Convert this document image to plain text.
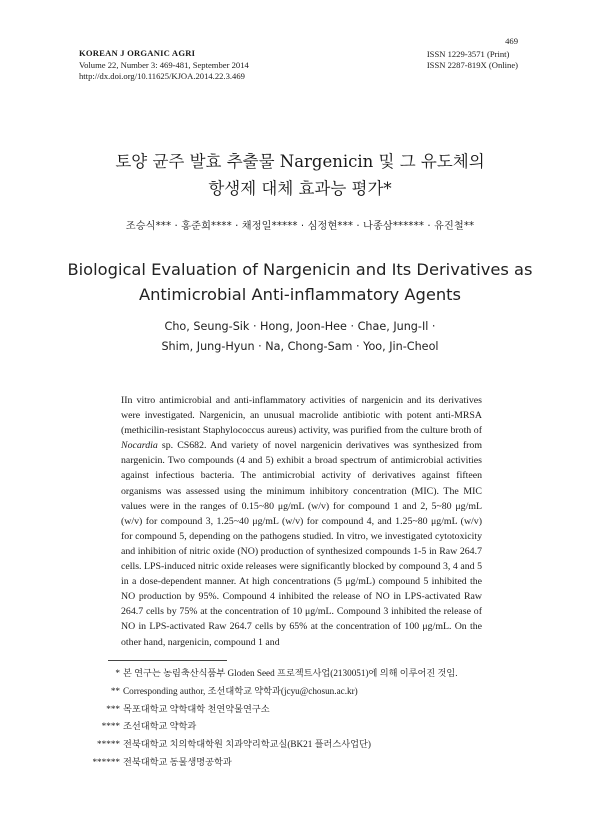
KOREAN J ORGANIC AGRI
Volume 22, Number 3: 469-481, September 2014
http://dx.doi.org/10.11625/KJOA.2014.22.3.469
469
ISSN 1229-3571 (Print)
ISSN 2287-819X (Online)
토양 균주 발효 추출물 Nargenicin 및 그 유도체의
항생제 대체 효과능 평가*
조승식*** · 홍준희**** · 채정일***** · 심정현*** · 나종삼****** · 유진철**
Biological Evaluation of Nargenicin and Its Derivatives as
Antimicrobial Anti-inflammatory Agents
Cho, Seung-Sik · Hong, Joon-Hee · Chae, Jung-Il ·
Shim, Jung-Hyun · Na, Chong-Sam · Yoo, Jin-Cheol
IIn vitro antimicrobial and anti-inflammatory activities of nargenicin and its derivatives were investigated. Nargenicin, an unusual macrolide antibiotic with potent anti-MRSA (methicilin-resistant Staphylococcus aureus) activity, was purified from the culture broth of Nocardia sp. CS682. And variety of novel nargenicin derivatives was synthesized from nargenicin. Two compounds (4 and 5) exhibit a broad spectrum of antimicrobial activities against infectious bacteria. The antimicrobial activity of derivatives against fifteen organisms was assessed using the minimum inhibitory concentration (MIC). The MIC values were in the ranges of 0.15~80 μg/mL (w/v) for compound 1 and 2, 5~80 μg/mL (w/v) for compound 3, 1.25~40 μg/mL (w/v) for compound 4, and 1.25~80 μg/mL (w/v) for compound 5, depending on the pathogens studied. In vitro, we investigated cytotoxicity and inhibition of nitric oxide (NO) production of synthesized compounds 1-5 in Raw 264.7 cells. LPS-induced nitric oxide releases were significantly blocked by compound 3, 4 and 5 in a dose-dependent manner. At high concentrations (5 μg/mL) compound 5 inhibited the NO production by 95%. Compound 4 inhibited the release of NO in LPS-activated Raw 264.7 cells by 75% at the concentration of 10 μg/mL. Compound 3 inhibited the release of NO in LPS-activated Raw 264.7 cells by 65% at the concentration of 100 μg/mL. On the other hand, nargenicin, compound 1 and
* 본 연구는 농림축산식품부 Gloden Seed 프로젝트사업(2130051)에 의해 이루어진 것임.
** Corresponding author, 조선대학교 약학과(jcyu@chosun.ac.kr)
*** 목포대학교 약학대학 천연약물연구소
**** 조선대학교 약학과
***** 전북대학교 치의학대학원 치과약리학교실(BK21 플러스사업단)
****** 전북대학교 동물생명공학과
